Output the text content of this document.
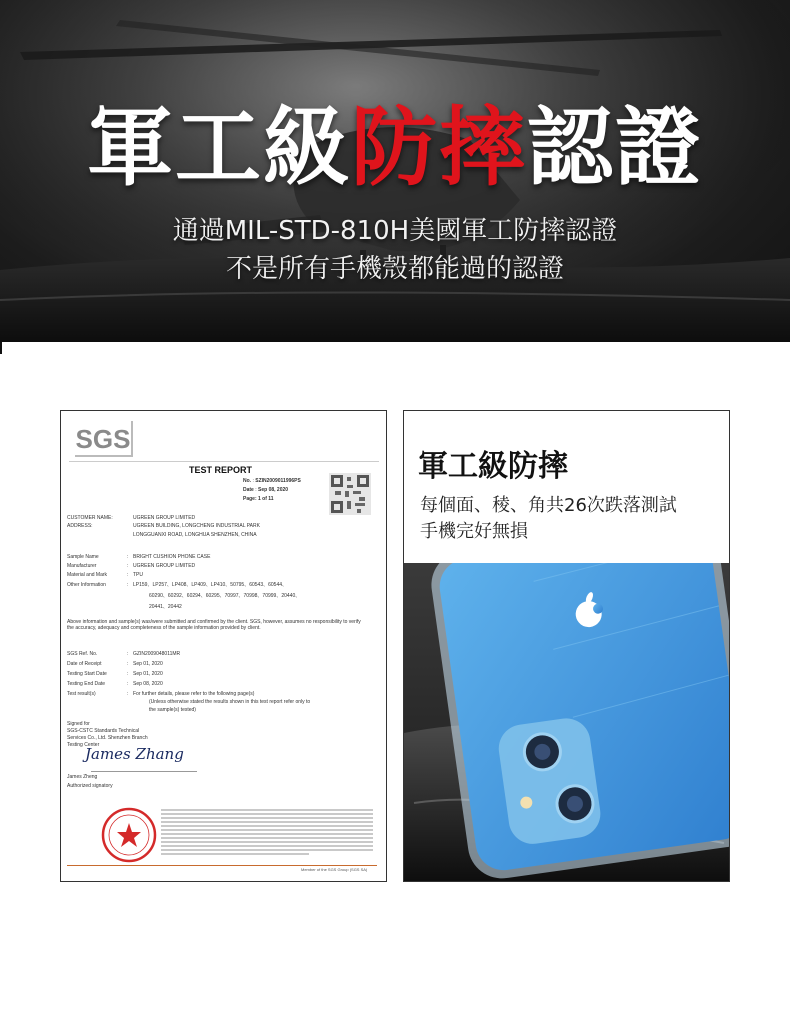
軍工級防摔認證
通過MIL-STD-810H美國軍工防摔認證
不是所有手機殼都能過的認證
SGS
TEST REPORT
No. : SZIN2009011996PS
Date : Sep 08, 2020
Page: 1 of 11
CUSTOMER NAME:	UGREEN GROUP LIMITED
ADDRESS:	UGREEN BUILDING, LONGCHENG INDUSTRIAL PARK
LONGGUANXI ROAD, LONGHUA SHENZHEN, CHINA
Sample Name	: BRIGHT CUSHION PHONE CASE
Manufacturer	: UGREEN GROUP LIMITED
Material and Mark	: TPU
Other Information	: LP159、LP257、LP408、LP409、LP410、50795、60543、60544、
60290、60292、60294、60295、70997、70998、70999、20440、
20441、20442
Above information and sample(s) was/were submitted and confirmed by the client. SGS, however, assumes no responsibility to verify the accuracy, adequacy and completeness of the sample information provided by client.
SGS Ref. No.	: GZIN2009048011MR
Date of Receipt	: Sep 01, 2020
Testing Start Date	: Sep 01, 2020
Testing End Date	: Sep 08, 2020
Test result(s)	: For further details, please refer to the following page(s)
(Unless otherwise stated the results shown in this test report refer only to
the sample(s) tested)
Signed for
SGS-CSTC Standards Technical
Services Co., Ltd. Shenzhen Branch
Testing Center
James Zhang
James Zheng
Authorized signatory
Member of the SGS Group (SGS SA)
軍工級防摔
每個面、稜、角共26次跌落測試
手機完好無損
